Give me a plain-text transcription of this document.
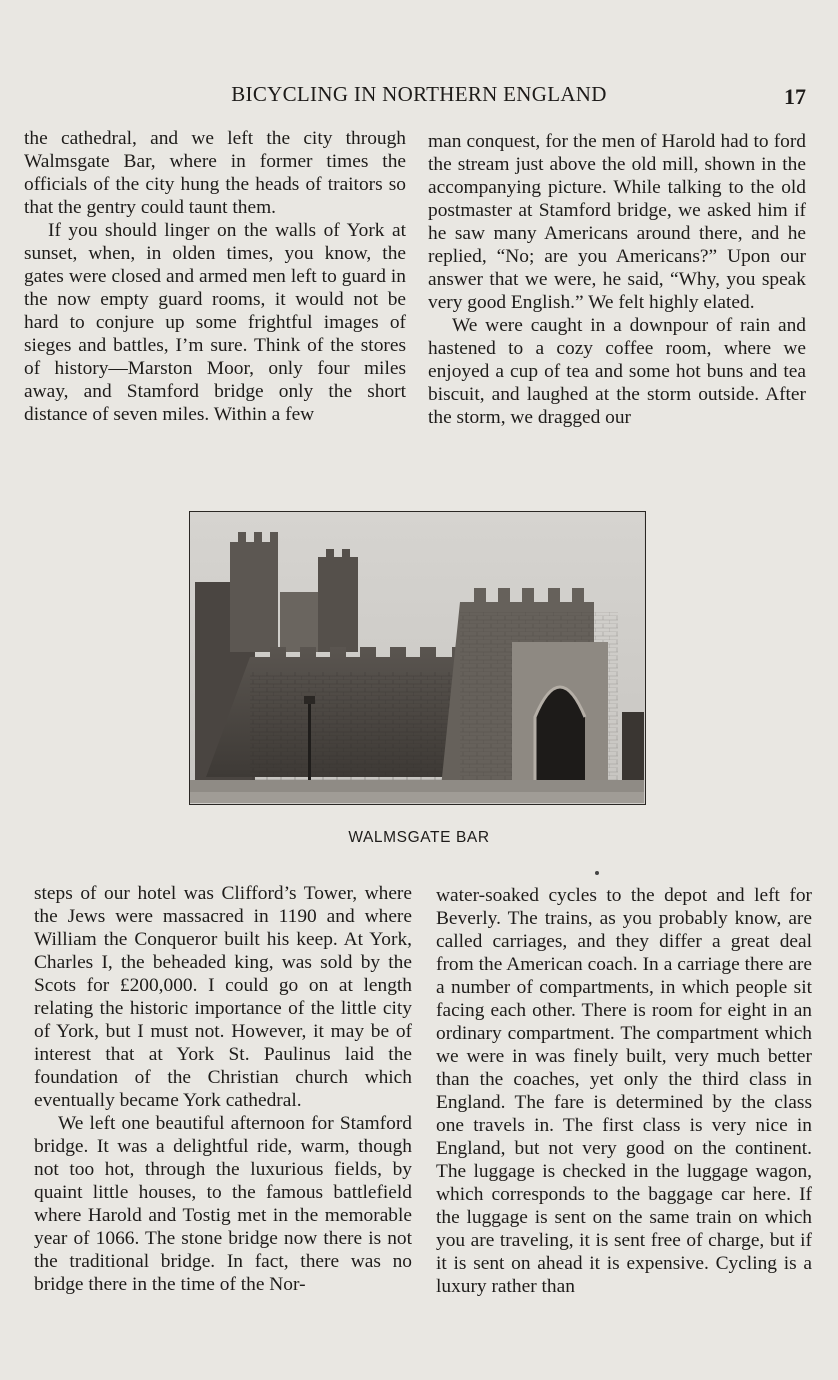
BICYCLING IN NORTHERN ENGLAND	17

the cathedral, and we left the city through Walmsgate Bar, where in former times the officials of the city hung the heads of traitors so that the gentry could taunt them.

If you should linger on the walls of York at sunset, when, in olden times, you know, the gates were closed and armed men left to guard in the now empty guard rooms, it would not be hard to conjure up some frightful images of sieges and battles, I’m sure. Think of the stores of history—Marston Moor, only four miles away, and Stamford bridge only the short distance of seven miles. Within a few

man conquest, for the men of Harold had to ford the stream just above the old mill, shown in the accompanying picture. While talking to the old postmaster at Stamford bridge, we asked him if he saw many Americans around there, and he replied, “No; are you Americans?” Upon our answer that we were, he said, “Why, you speak very good English.” We felt highly elated.

We were caught in a downpour of rain and hastened to a cozy coffee room, where we enjoyed a cup of tea and some hot buns and tea biscuit, and laughed at the storm outside. After the storm, we dragged our

WALMSGATE BAR

steps of our hotel was Clifford’s Tower, where the Jews were massacred in 1190 and where William the Conqueror built his keep. At York, Charles I, the beheaded king, was sold by the Scots for £200,000. I could go on at length relating the historic importance of the little city of York, but I must not. However, it may be of interest that at York St. Paulinus laid the foundation of the Christian church which eventually became York cathedral.

We left one beautiful afternoon for Stamford bridge. It was a delightful ride, warm, though not too hot, through the luxurious fields, by quaint little houses, to the famous battlefield where Harold and Tostig met in the memorable year of 1066. The stone bridge now there is not the traditional bridge. In fact, there was no bridge there in the time of the Nor-

water-soaked cycles to the depot and left for Beverly. The trains, as you probably know, are called carriages, and they differ a great deal from the American coach. In a carriage there are a number of compartments, in which people sit facing each other. There is room for eight in an ordinary compartment. The compartment which we were in was finely built, very much better than the coaches, yet only the third class in England. The fare is determined by the class one travels in. The first class is very nice in England, but not very good on the continent. The luggage is checked in the luggage wagon, which corresponds to the baggage car here. If the luggage is sent on the same train on which you are traveling, it is sent free of charge, but if it is sent on ahead it is expensive. Cycling is a luxury rather than
